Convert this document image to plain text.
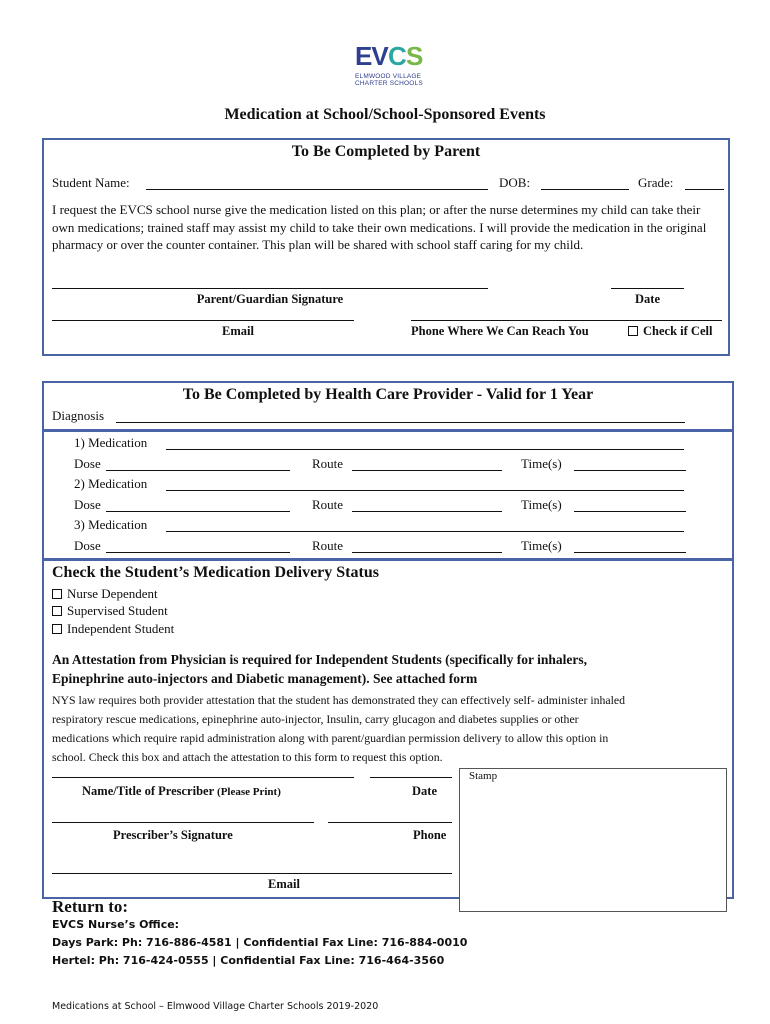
EV C S
ELMWOOD VILLAGE
CHARTER SCHOOLS
Medication at School/School-Sponsored Events
To Be Completed by Parent
Student Name:	DOB:	Grade:
I request the EVCS school nurse give the medication listed on this plan; or after the nurse determines my child can take their own medications; trained staff may assist my child to take their own medications. I will provide the medication in the original pharmacy or over the counter container. This plan will be shared with school staff caring for my child.
Parent/Guardian Signature	Date
Email	Phone Where We Can Reach You	Check if Cell
To Be Completed by Health Care Provider - Valid for 1 Year
Diagnosis
1) Medication
Dose	Route	Time(s)
2) Medication
Dose	Route	Time(s)
3) Medication
Dose	Route	Time(s)
Check the Student’s Medication Delivery Status
Nurse Dependent
Supervised Student
Independent Student
An Attestation from Physician is required for Independent Students (specifically for inhalers,
Epinephrine auto-injectors and Diabetic management). See attached form
NYS law requires both provider attestation that the student has demonstrated they can effectively self- administer inhaled
respiratory rescue medications, epinephrine auto-injector, Insulin, carry glucagon and diabetes supplies or other
medications which require rapid administration along with parent/guardian permission delivery to allow this option in
school. Check this box and attach the attestation to this form to request this option.
Name/Title of Prescriber (Please Print)	Date
Stamp
Prescriber’s Signature	Phone
Email
Return to:
EVCS Nurse’s Office:
Days Park: Ph: 716-886-4581 | Confidential Fax Line: 716-884-0010
Hertel: Ph: 716-424-0555 | Confidential Fax Line: 716-464-3560
Medications at School – Elmwood Village Charter Schools 2019-2020
